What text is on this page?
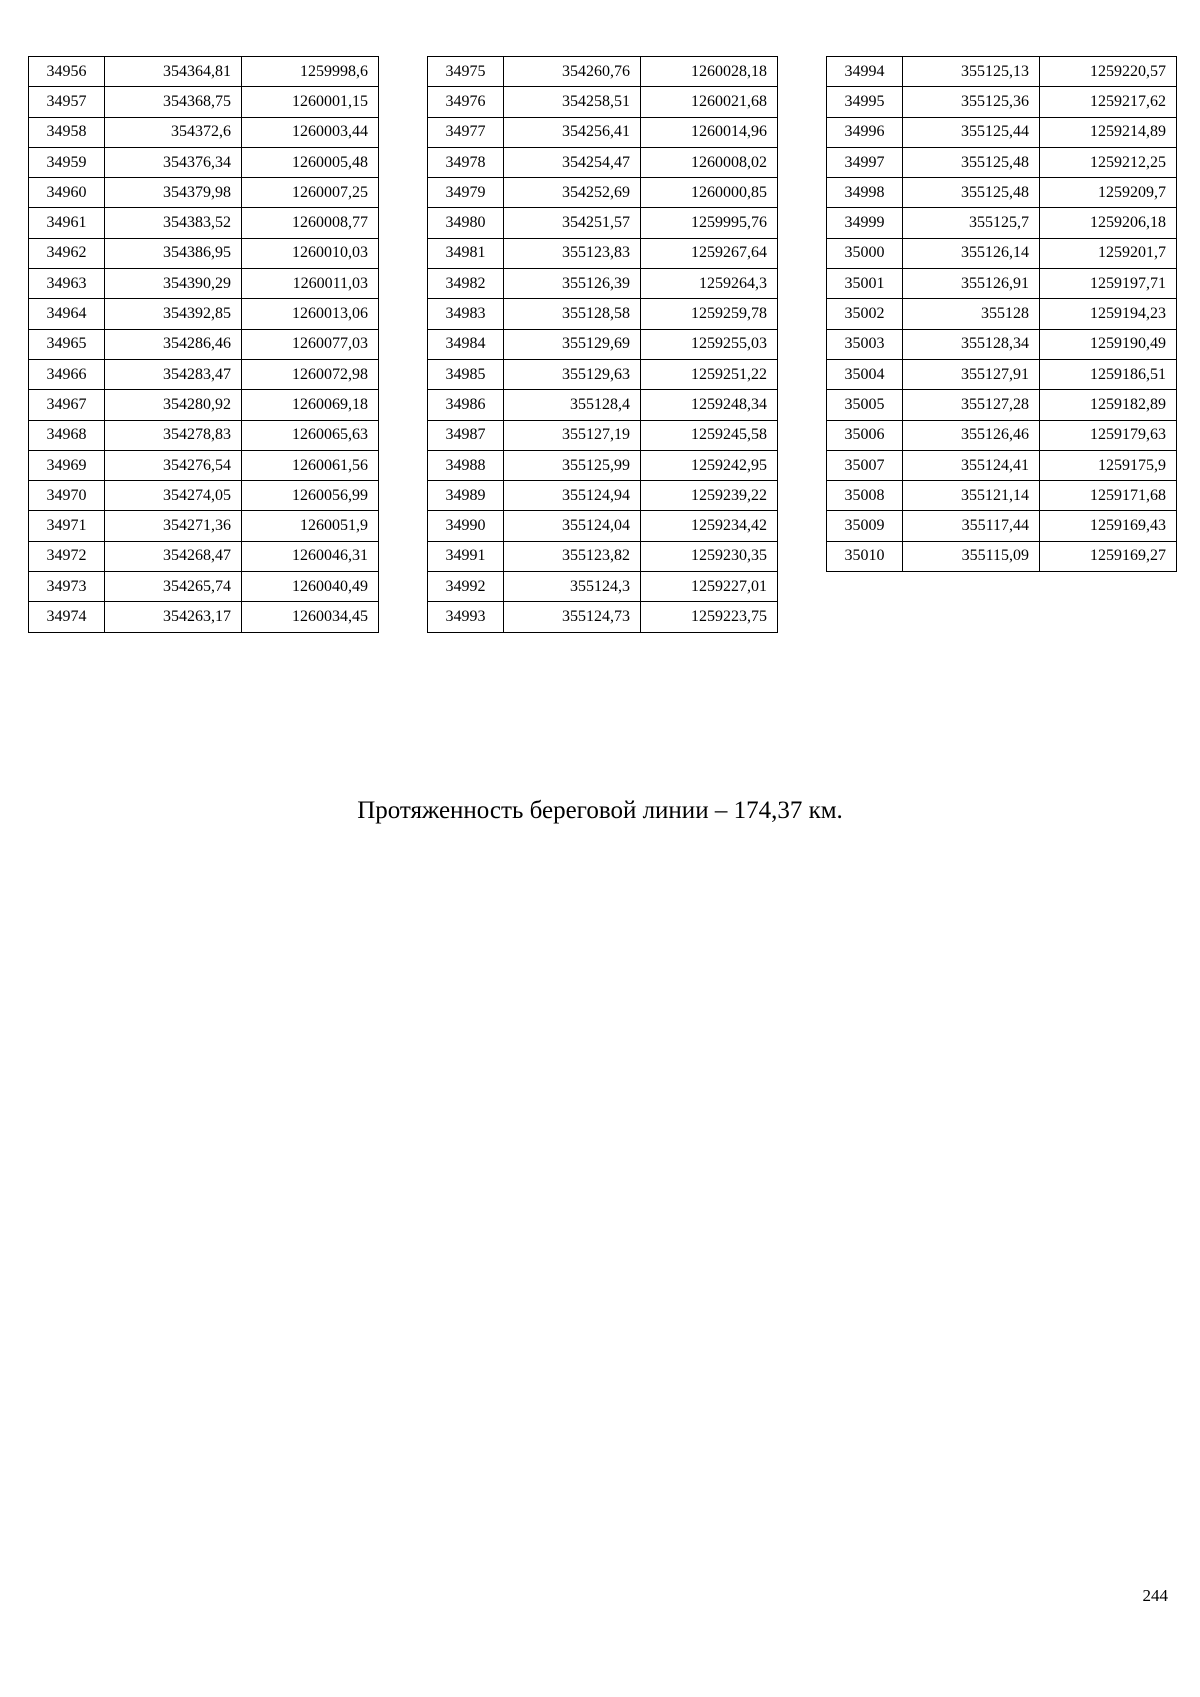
34956	354364,81	1259998,6
34957	354368,75	1260001,15
34958	354372,6	1260003,44
34959	354376,34	1260005,48
34960	354379,98	1260007,25
34961	354383,52	1260008,77
34962	354386,95	1260010,03
34963	354390,29	1260011,03
34964	354392,85	1260013,06
34965	354286,46	1260077,03
34966	354283,47	1260072,98
34967	354280,92	1260069,18
34968	354278,83	1260065,63
34969	354276,54	1260061,56
34970	354274,05	1260056,99
34971	354271,36	1260051,9
34972	354268,47	1260046,31
34973	354265,74	1260040,49
34974	354263,17	1260034,45
34975	354260,76	1260028,18
34976	354258,51	1260021,68
34977	354256,41	1260014,96
34978	354254,47	1260008,02
34979	354252,69	1260000,85
34980	354251,57	1259995,76
34981	355123,83	1259267,64
34982	355126,39	1259264,3
34983	355128,58	1259259,78
34984	355129,69	1259255,03
34985	355129,63	1259251,22
34986	355128,4	1259248,34
34987	355127,19	1259245,58
34988	355125,99	1259242,95
34989	355124,94	1259239,22
34990	355124,04	1259234,42
34991	355123,82	1259230,35
34992	355124,3	1259227,01
34993	355124,73	1259223,75
34994	355125,13	1259220,57
34995	355125,36	1259217,62
34996	355125,44	1259214,89
34997	355125,48	1259212,25
34998	355125,48	1259209,7
34999	355125,7	1259206,18
35000	355126,14	1259201,7
35001	355126,91	1259197,71
35002	355128	1259194,23
35003	355128,34	1259190,49
35004	355127,91	1259186,51
35005	355127,28	1259182,89
35006	355126,46	1259179,63
35007	355124,41	1259175,9
35008	355121,14	1259171,68
35009	355117,44	1259169,43
35010	355115,09	1259169,27
Протяженность береговой линии – 174,37 км.
244
